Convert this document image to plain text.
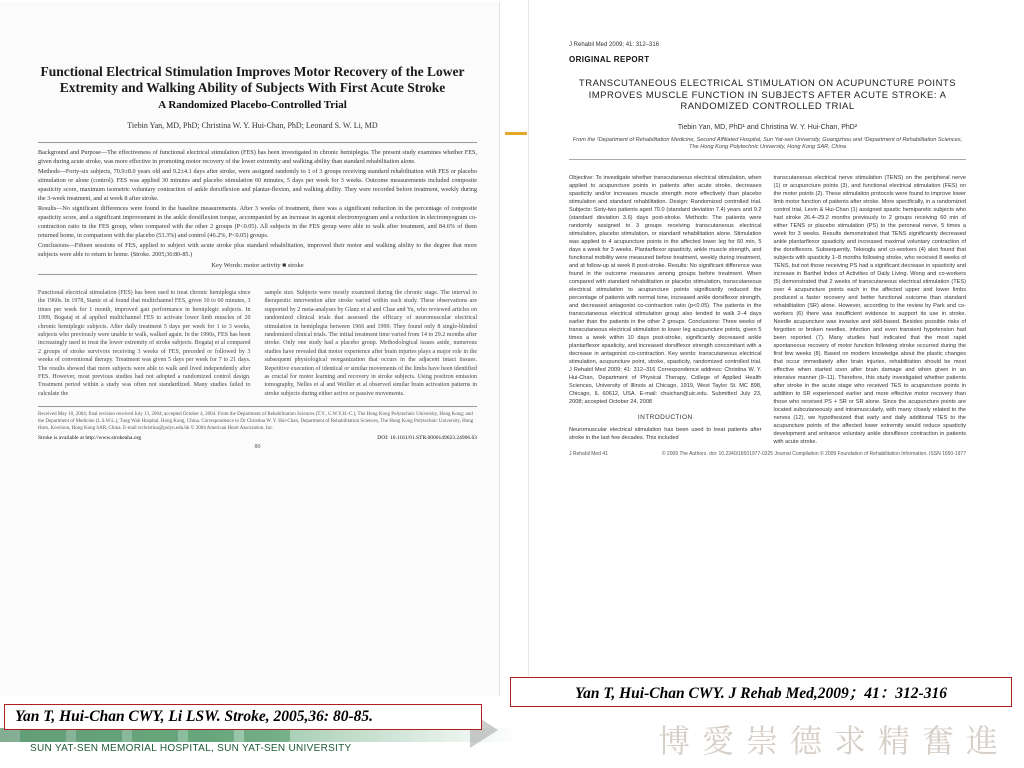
Functional Electrical Stimulation Improves Motor Recovery of the Lower Extremity and Walking Ability of Subjects With First Acute Stroke
A Randomized Placebo-Controlled Trial
Tiebin Yan, MD, PhD; Christina W. Y. Hui-Chan, PhD; Leonard S. W. Li, MD

Background and Purpose—The effectiveness of functional electrical stimulation (FES) has been investigated in chronic hemiplegia. The present study examines whether FES, given during acute stroke, was more effective in promoting motor recovery of the lower extremity and walking ability than standard rehabilitation alone.

Methods—Forty-six subjects, 70.9±8.0 years old and 9.2±4.1 days after stroke, were assigned randomly to 1 of 3 groups receiving standard rehabilitation with FES or placebo stimulation or alone (control). FES was applied 30 minutes and placebo stimulation 60 minutes, 5 days per week for 3 weeks. Outcome measurements included composite spasticity score, maximum isometric voluntary contraction of ankle dorsiflexion and plantar-flexion, and walking ability. They were recorded before treatment, weekly during the 3-week treatment, and at week 8 after stroke.

Results—No significant differences were found in the baseline measurements. After 3 weeks of treatment, there was a significant reduction in the percentage of composite spasticity score, and a significant improvement in the ankle dorsiflexion torque, accompanied by an increase in agonist electromyogram and a reduction in electromyogram co-contraction ratio in the FES group, when compared with the other 2 groups (P<0.05). All subjects in the FES group were able to walk after treatment, and 84.6% of them returned home, in comparison with the placebo (53.3%) and control (46.2%, P<0.05) groups.

Conclusions—Fifteen sessions of FES, applied to subject with acute stroke plus standard rehabilitation, improved their motor and walking ability to the degree that more subjects were able to return to home. (Stroke. 2005;36:80-85.)

Key Words: motor activity ■ stroke
Functional electrical stimulation (FES) has been used to treat chronic hemiplegia since the 1960s. In 1978, Stanic et al found that multichannel FES, given 10 to 60 minutes, 3 times per week for 1 month, improved gait performance in hemiplegic subjects. In 1999, Bogataj et al applied multichannel FES to activate lower limb muscles of 20 chronic hemiplegic subjects. After daily treatment 5 days per week for 1 to 3 weeks, subjects who previously were unable to walk, walked again. In the 1990s, FES has been increasingly used to treat the lower extremity of stroke subjects. Bogataj et al compared 2 groups of stroke survivors receiving 3 weeks of FES, preceded or followed by 3 weeks of conventional therapy. Treatment was given 5 days per week for 7 to 21 days. The results showed that more subjects were able to walk and lived independently after FES. However, most previous studies had not adopted a randomized control design. Treatment period within a study was often not standardized. Many studies failed to calculate the
sample size. Subjects were mostly examined during the chronic stage. The interval to therapeutic intervention after stroke varied within each study. These observations are supported by 2 meta-analyses by Glanz et al and Chae and Yu, who reviewed articles on randomized clinical trials that assessed the efficacy of neuromuscular electrical stimulation in hemiplegia between 1966 and 1999. They found only 8 single-blinded randomized clinical trials. The initial treatment time varied from 14 to 29.2 months after stroke. Only one study had a placebo group. Methodological issues aside, numerous studies have revealed that motor experience after brain injuries plays a major role in the subsequent physiological reorganization that occurs in the adjacent intact tissues. Repetitive execution of identical or similar movements of the limbs have been identified as crucial for motor learning and recovery in stroke subjects. Using positron emission tomography, Nelles et al and Weiller et al observed similar brain activation patterns in stroke subjects during either active or passive movements.
Received May 10, 2004; final revision received July 13, 2004; accepted October 4, 2004. From the Department of Rehabilitation Sciences (T.Y., C.W.Y.H.-C.), The Hong Kong Polytechnic University, Hong Kong; and the Department of Medicine (L.S.W.L.), Tung Wah Hospital, Hong Kong, China. Correspondence to Dr Christina W. Y. Hui-Chan, Department of Rehabilitation Sciences, The Hong Kong Polytechnic University, Hung Hom, Kowloon, Hong Kong SAR, China. E-mail rschristina@polyu.edu.hk © 2004 American Heart Association, Inc.
Stroke is available at http://www.strokeaha.org	DOI: 10.1161/01.STR.0000149623.24906.63
80
J Rehabil Med 2009; 41: 312–316
ORIGINAL REPORT
TRANSCUTANEOUS ELECTRICAL STIMULATION ON ACUPUNCTURE POINTS IMPROVES MUSCLE FUNCTION IN SUBJECTS AFTER ACUTE STROKE: A RANDOMIZED CONTROLLED TRIAL
Tiebin Yan, MD, PhD¹ and Christina W. Y. Hui-Chan, PhD²
From the ¹Department of Rehabilitation Medicine, Second Affiliated Hospital, Sun Yat-sen University, Guangzhou and ²Department of Rehabilitation Sciences, The Hong Kong Polytechnic University, Hong Kong SAR, China

Objective: To investigate whether transcutaneous electrical stimulation, when applied to acupuncture points in patients after acute stroke, decreases spasticity and/or increases muscle strength more effectively than placebo stimulation and standard rehabilitation. Design: Randomized controlled trial. Subjects: Sixty-two patients aged 70.0 (standard deviation 7.4) years and 9.2 (standard deviation 3.6) days post-stroke. Methods: The patients were randomly assigned to 3 groups receiving transcutaneous electrical stimulation, placebo stimulation, or standard rehabilitation alone. Stimulation was applied to 4 acupuncture points in the affected lower leg for 60 min, 5 days a week for 3 weeks. Plantarflexor spasticity, ankle muscle strength, and functional mobility were measured before treatment, weekly during treatment, and at follow-up at week 8 post-stroke. Results: No significant difference was found in the outcome measures among groups before treatment. When compared with standard rehabilitation or placebo stimulation, transcutaneous electrical stimulation to acupuncture points significantly reduced the percentage of patients with normal tone, increased ankle dorsiflexor strength, and decreased antagonist co-contraction ratio (p<0.05). The patients in the transcutaneous electrical stimulation group also tended to walk 2–4 days earlier than the patients in the other 2 groups. Conclusions: Three weeks of transcutaneous electrical stimulation to lower leg acupuncture points, given 5 times a week within 10 days post-stroke, significantly decreased ankle plantarflexor spasticity, and increased dorsiflexor strength concomitant with a decrease in antagonist co-contraction. Key words: transcutaneous electrical stimulation, acupuncture point, stroke, spasticity, randomized controlled trial. J Rehabil Med 2009; 41: 312–316 Correspondence address: Christina W. Y. Hui-Chan, Department of Physical Therapy, College of Applied Health Sciences, University of Illinois at Chicago, 1919, West Taylor St. MC 898, Chicago, IL 60612, USA. E-mail: chuichan@uic.edu. Submitted July 23, 2008; accepted October 24, 2008

INTRODUCTION

Neuromuscular electrical stimulation has been used to treat patients after stroke in the last few decades. This included

transcutaneous electrical nerve stimulation (TENS) on the peripheral nerve (1) or acupuncture points (3), and functional electrical stimulation (FES) on the motor points (2). These stimulation protocols were found to improve lower limb motor function of patients after stroke. More specifically, in a randomized control trial, Levin & Hui-Chan (1) assigned spastic hemiparetic subjects who had stroke 26.4–29.2 months previously to 2 groups receiving 60 min of either TENS or placebo stimulation (PS) to the peroneal nerve, 5 times a week for 3 weeks. Results demonstrated that TENS significantly decreased ankle plantarflexor spasticity and increased maximal voluntary contraction of the dorsiflexors. Subsequently, Tekeoglu and co-workers (4) also found that subjects with spasticity 1–8 months following stroke, who received 8 weeks of TENS, but not those receiving PS had a significant decrease in spasticity and increase in Barthel Index of Activities of Daily Living. Wong and co-workers (5) demonstrated that 2 weeks of transcutaneous electrical stimulation (TES) over 4 acupuncture points each in the affected upper and lower limbs produced a faster recovery and better functional outcome than standard rehabilitation (SR) alone. However, according to the review by Park and co-workers (6) there was insufficient evidence to support its use in stroke. Needle acupuncture was invasive and skill-based. Besides possible risks of forgotten or broken needles, infection and even transient hypotension had been reported (7). Many studies had indicated that the most rapid spontaneous recovery of motor function following stroke occurred during the first few weeks (8). Based on modern knowledge about the plastic changes that occur immediately after brain injuries, rehabilitation should be most effective when started soon after brain damage and when given in an intensive manner (9–11). Therefore, this study investigated whether patients after stroke in the acute stage who received TES to acupuncture points in addition to SR experienced earlier and more effective motor recovery than those who received PS + SR or SR alone. Since the acupuncture points are located subcutaneously and intramuscularly, with many closely related to the nerves (12), we hypothesized that early and daily additional TES to the acupuncture points of the affected lower extremity would reduce spasticity development and enhance voluntary ankle dorsiflexor contraction in patients with acute stroke.
J Rehabil Med 41	© 2009 The Authors. doi: 10.2340/16501977-0325 Journal Compilation © 2009 Foundation of Rehabilitation Information. ISSN 1650-1977
Yan T, Hui-Chan CWY. J Rehab Med,2009；41：312-316
SUN YAT-SEN MEMORIAL HOSPITAL, SUN YAT-SEN UNIVERSITY	博愛崇德求精奮進
Yan T, Hui-Chan CWY, Li LSW. Stroke, 2005,36: 80-85.
